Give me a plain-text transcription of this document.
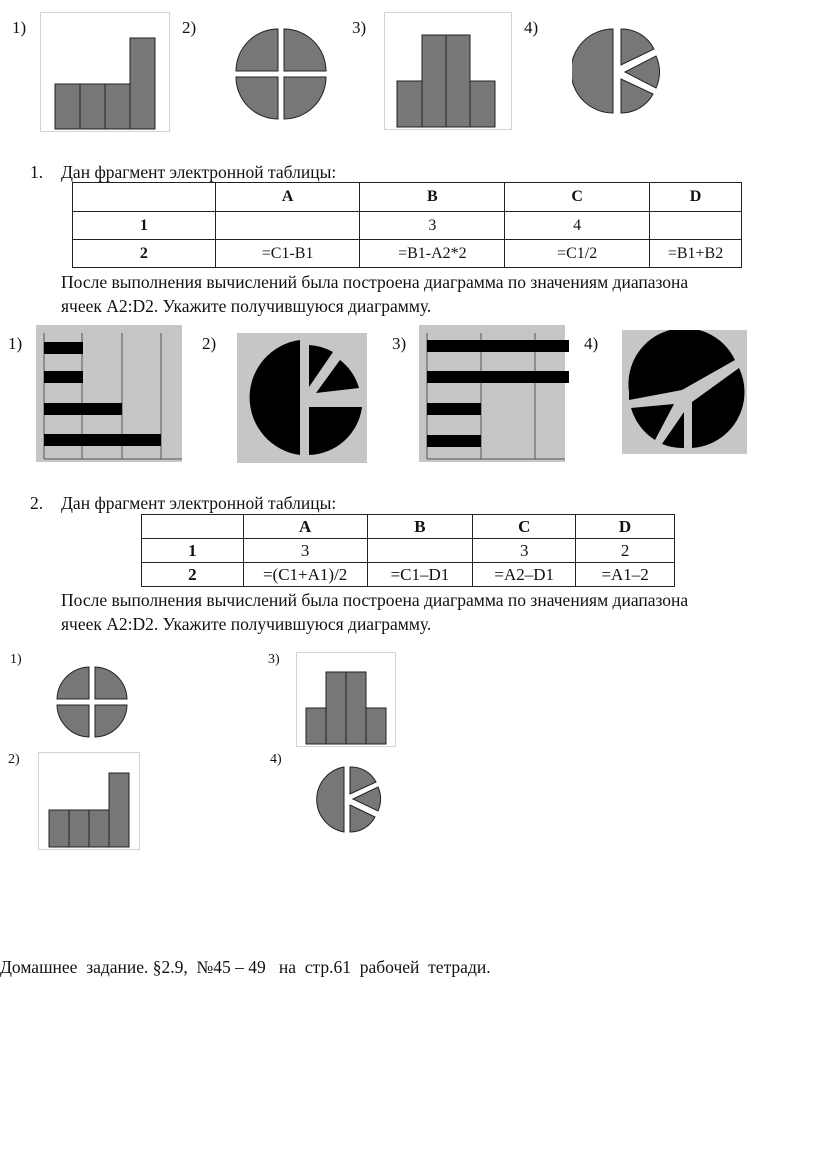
1)	2)	3)	4)
1. Дан фрагмент электронной таблицы:
	A	B	C	D
1		3	4	
2	=C1-B1	=B1-A2*2	=C1/2	=B1+B2
После выполнения вычислений была построена диаграмма по значениям диапазона
ячеек A2:D2. Укажите получившуюся диаграмму.
1)	2)	3)	4)
2. Дан фрагмент электронной таблицы:
	A	B	C	D
1	3		3	2
2	=(C1+A1)/2	=C1–D1	=A2–D1	=A1–2
После выполнения вычислений была построена диаграмма по значениям диапазона
ячеек A2:D2. Укажите получившуюся диаграмму.
1)	3)
2)	4)
Домашнее  задание. §2.9,  №45 – 49   на  стр.61  рабочей  тетради.
